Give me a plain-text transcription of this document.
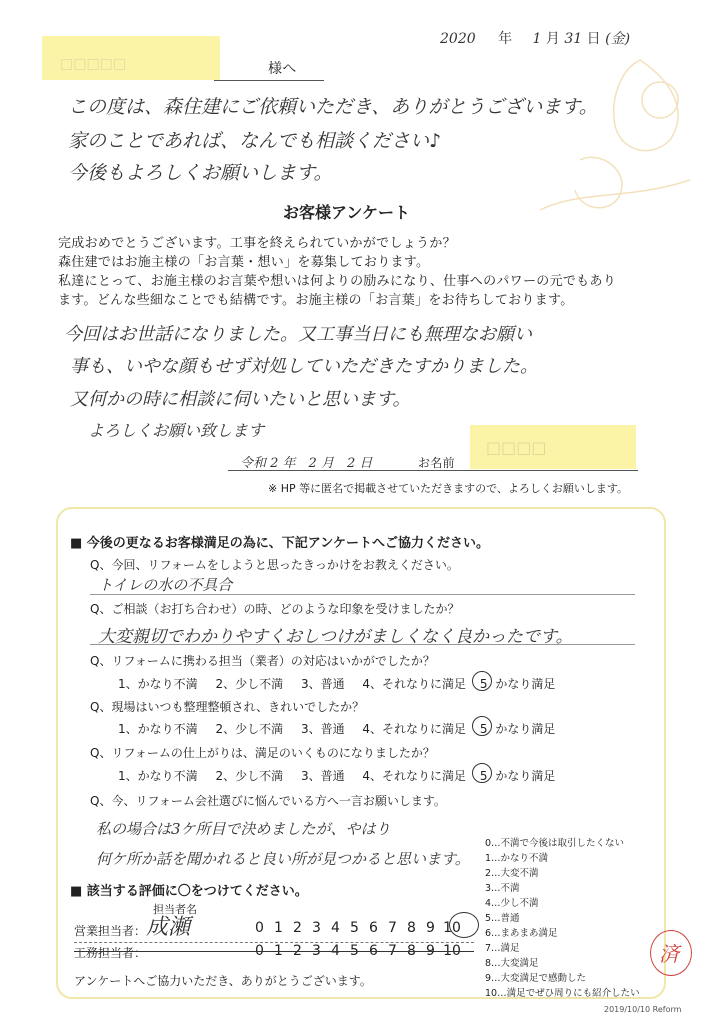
2020 年 1 月 31 日 (金)
□□□□□	様へ
この度は、森住建にご依頼いただき、ありがとうございます。
家のことであれば、なんでも相談ください♪
今後もよろしくお願いします。
お客様アンケート
完成おめでとうございます。工事を終えられていかがでしょうか？
森住建ではお施主様の「お言葉・想い」を募集しております。
私達にとって、お施主様のお言葉や想いは何よりの励みになり、仕事へのパワーの元でもあり
ます。どんな些細なことでも結構です。お施主様の「お言葉」をお待ちしております。
今回はお世話になりました。又工事当日にも無理なお願い
事も、いやな顔もせず対処していただきたすかりました。
又何かの時に相談に伺いたいと思います。
よろしくお願い致します
□□□□
令和 2 年　2 月　2 日	お名前
※ HP 等に匿名で掲載させていただきますので、よろしくお願いします。
■ 今後の更なるお客様満足の為に、下記アンケートへご協力ください。
Q、今回、リフォームをしようと思ったきっかけをお教えください。
トイレの水の不具合
Q、ご相談（お打ち合わせ）の時、どのような印象を受けましたか？
大変親切でわかりやすくおしつけがましくなく良かったです。
Q、リフォームに携わる担当（業者）の対応はいかがでしたか？
1、かなり不満 2、少し不満 3、普通 4、それなりに満足 5 かなり満足
Q、現場はいつも整理整頓され、きれいでしたか？
1、かなり不満 2、少し不満 3、普通 4、それなりに満足 5 かなり満足
Q、リフォームの仕上がりは、満足のいくものになりましたか？
1、かなり不満 2、少し不満 3、普通 4、それなりに満足 5 かなり満足
Q、今、リフォーム会社選びに悩んでいる方へ一言お願いします。
私の場合は3ケ所目で決めましたが、やはり
何ケ所か話を聞かれると良い所が見つかると思います。
0…不満で今後は取引したくない
1…かなり不満
2…大変不満
3…不満
4…少し不満
5…普通
6…まあまあ満足
7…満足
8…大変満足
9…大変満足で感動した
10…満足でぜひ周りにも紹介したい
■ 該当する評価に〇をつけてください。
担当者名
営業担当者： 成瀬	0 1 2 3 4 5 6 7 8 9 10
工務担当者：	0 1 2 3 4 5 6 7 8 9 10
アンケートへご協力いただき、ありがとうございます。
済
2019/10/10 Reform
